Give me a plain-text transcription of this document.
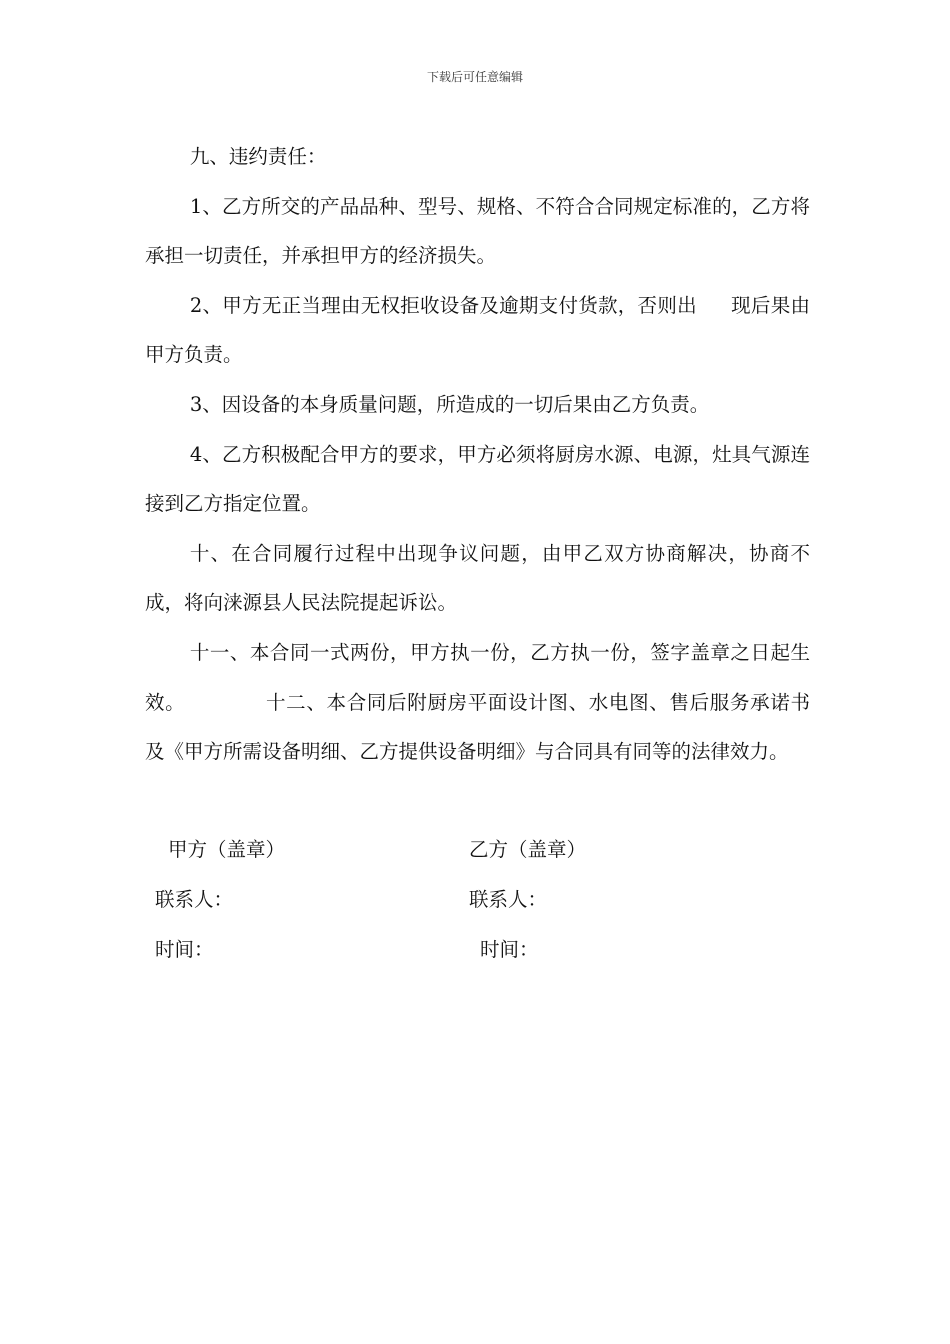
下载后可任意编辑

九、违约责任：

1、乙方所交的产品品种、型号、规格、不符合合同规定标准的，乙方将承担一切责任，并承担甲方的经济损失。

2、甲方无正当理由无权拒收设备及逾期支付货款，否则出 现后果由甲方负责。

3、因设备的本身质量问题，所造成的一切后果由乙方负责。

4、乙方积极配合甲方的要求，甲方必须将厨房水源、电源，灶具气源连接到乙方指定位置。

十、在合同履行过程中出现争议问题，由甲乙双方协商解决，协商不成，将向涞源县人民法院提起诉讼。

十一、本合同一式两份，甲方执一份，乙方执一份，签字盖章之日起生效。	十二、本合同后附厨房平面设计图、水电图、售后服务承诺书及《甲方所需设备明细、乙方提供设备明细》与合同具有同等的法律效力。

甲方（盖章）	乙方（盖章）
联系人：	联系人：
时间：	时间：
